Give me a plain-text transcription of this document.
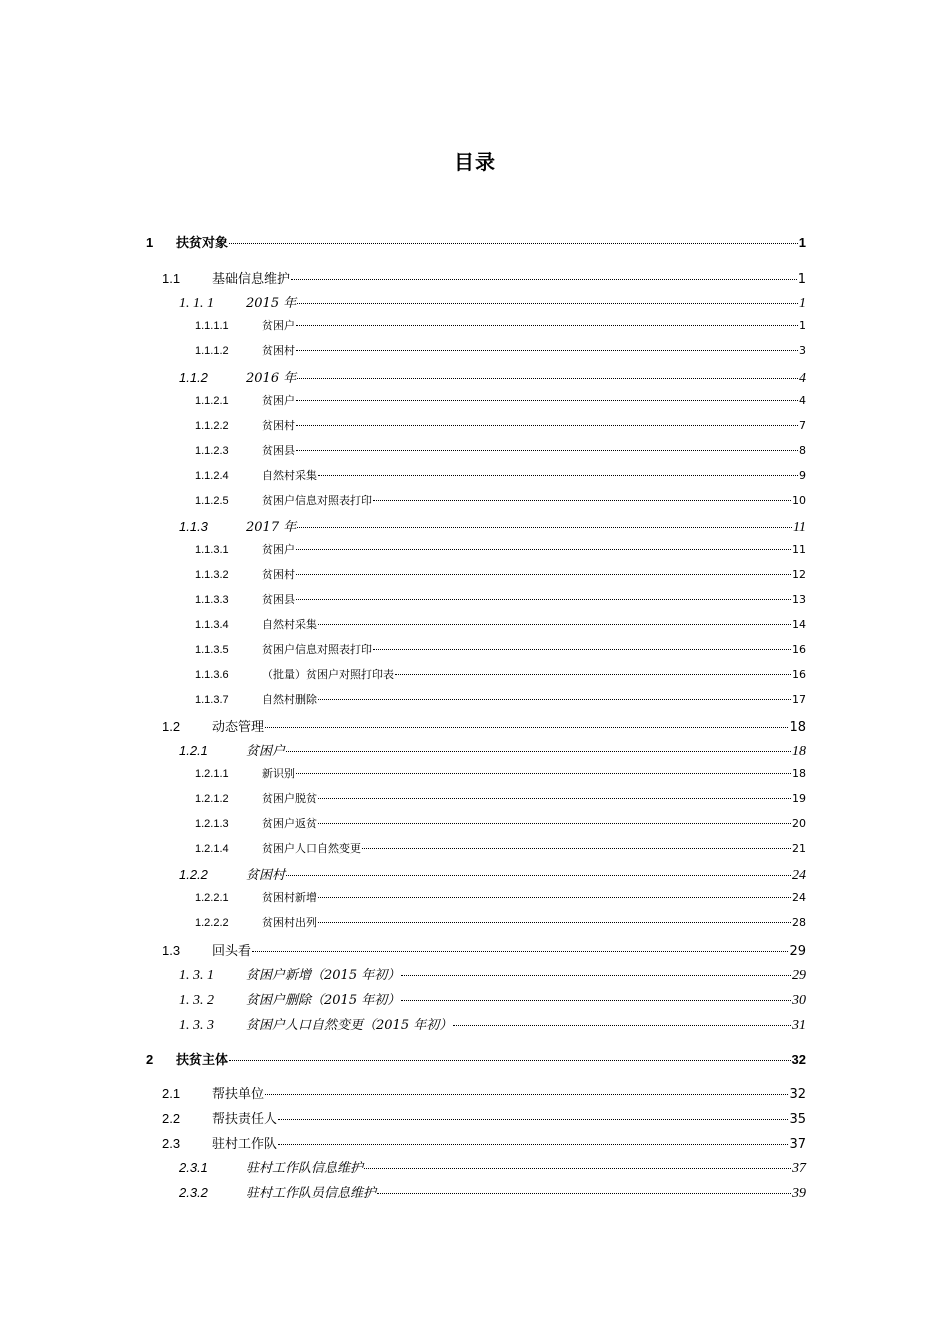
目录
1	扶贫对象	1
1.1	基础信息维护	1
1. 1. 1	2015 年	1
1.1.1.1	贫困户	1
1.1.1.2	贫困村	3
1.1.2	2016 年	4
1.1.2.1	贫困户	4
1.1.2.2	贫困村	7
1.1.2.3	贫困县	8
1.1.2.4	自然村采集	9
1.1.2.5	贫困户信息对照表打印	10
1.1.3	2017 年	11
1.1.3.1	贫困户	11
1.1.3.2	贫困村	12
1.1.3.3	贫困县	13
1.1.3.4	自然村采集	14
1.1.3.5	贫困户信息对照表打印	16
1.1.3.6	（批量）贫困户对照打印表	16
1.1.3.7	自然村删除	17
1.2	动态管理	18
1.2.1	贫困户	18
1.2.1.1	新识别	18
1.2.1.2	贫困户脱贫	19
1.2.1.3	贫困户返贫	20
1.2.1.4	贫困户人口自然变更	21
1.2.2	贫困村	24
1.2.2.1	贫困村新增	24
1.2.2.2	贫困村出列	28
1.3	回头看	29
1. 3. 1	贫困户新增（2015 年初）	29
1. 3. 2	贫困户删除（2015 年初）	30
1. 3. 3	贫困户人口自然变更（2015 年初）	31
2	扶贫主体	32
2.1	帮扶单位	32
2.2	帮扶责任人	35
2.3	驻村工作队	37
2.3.1	驻村工作队信息维护	37
2.3.2	驻村工作队员信息维护	39
